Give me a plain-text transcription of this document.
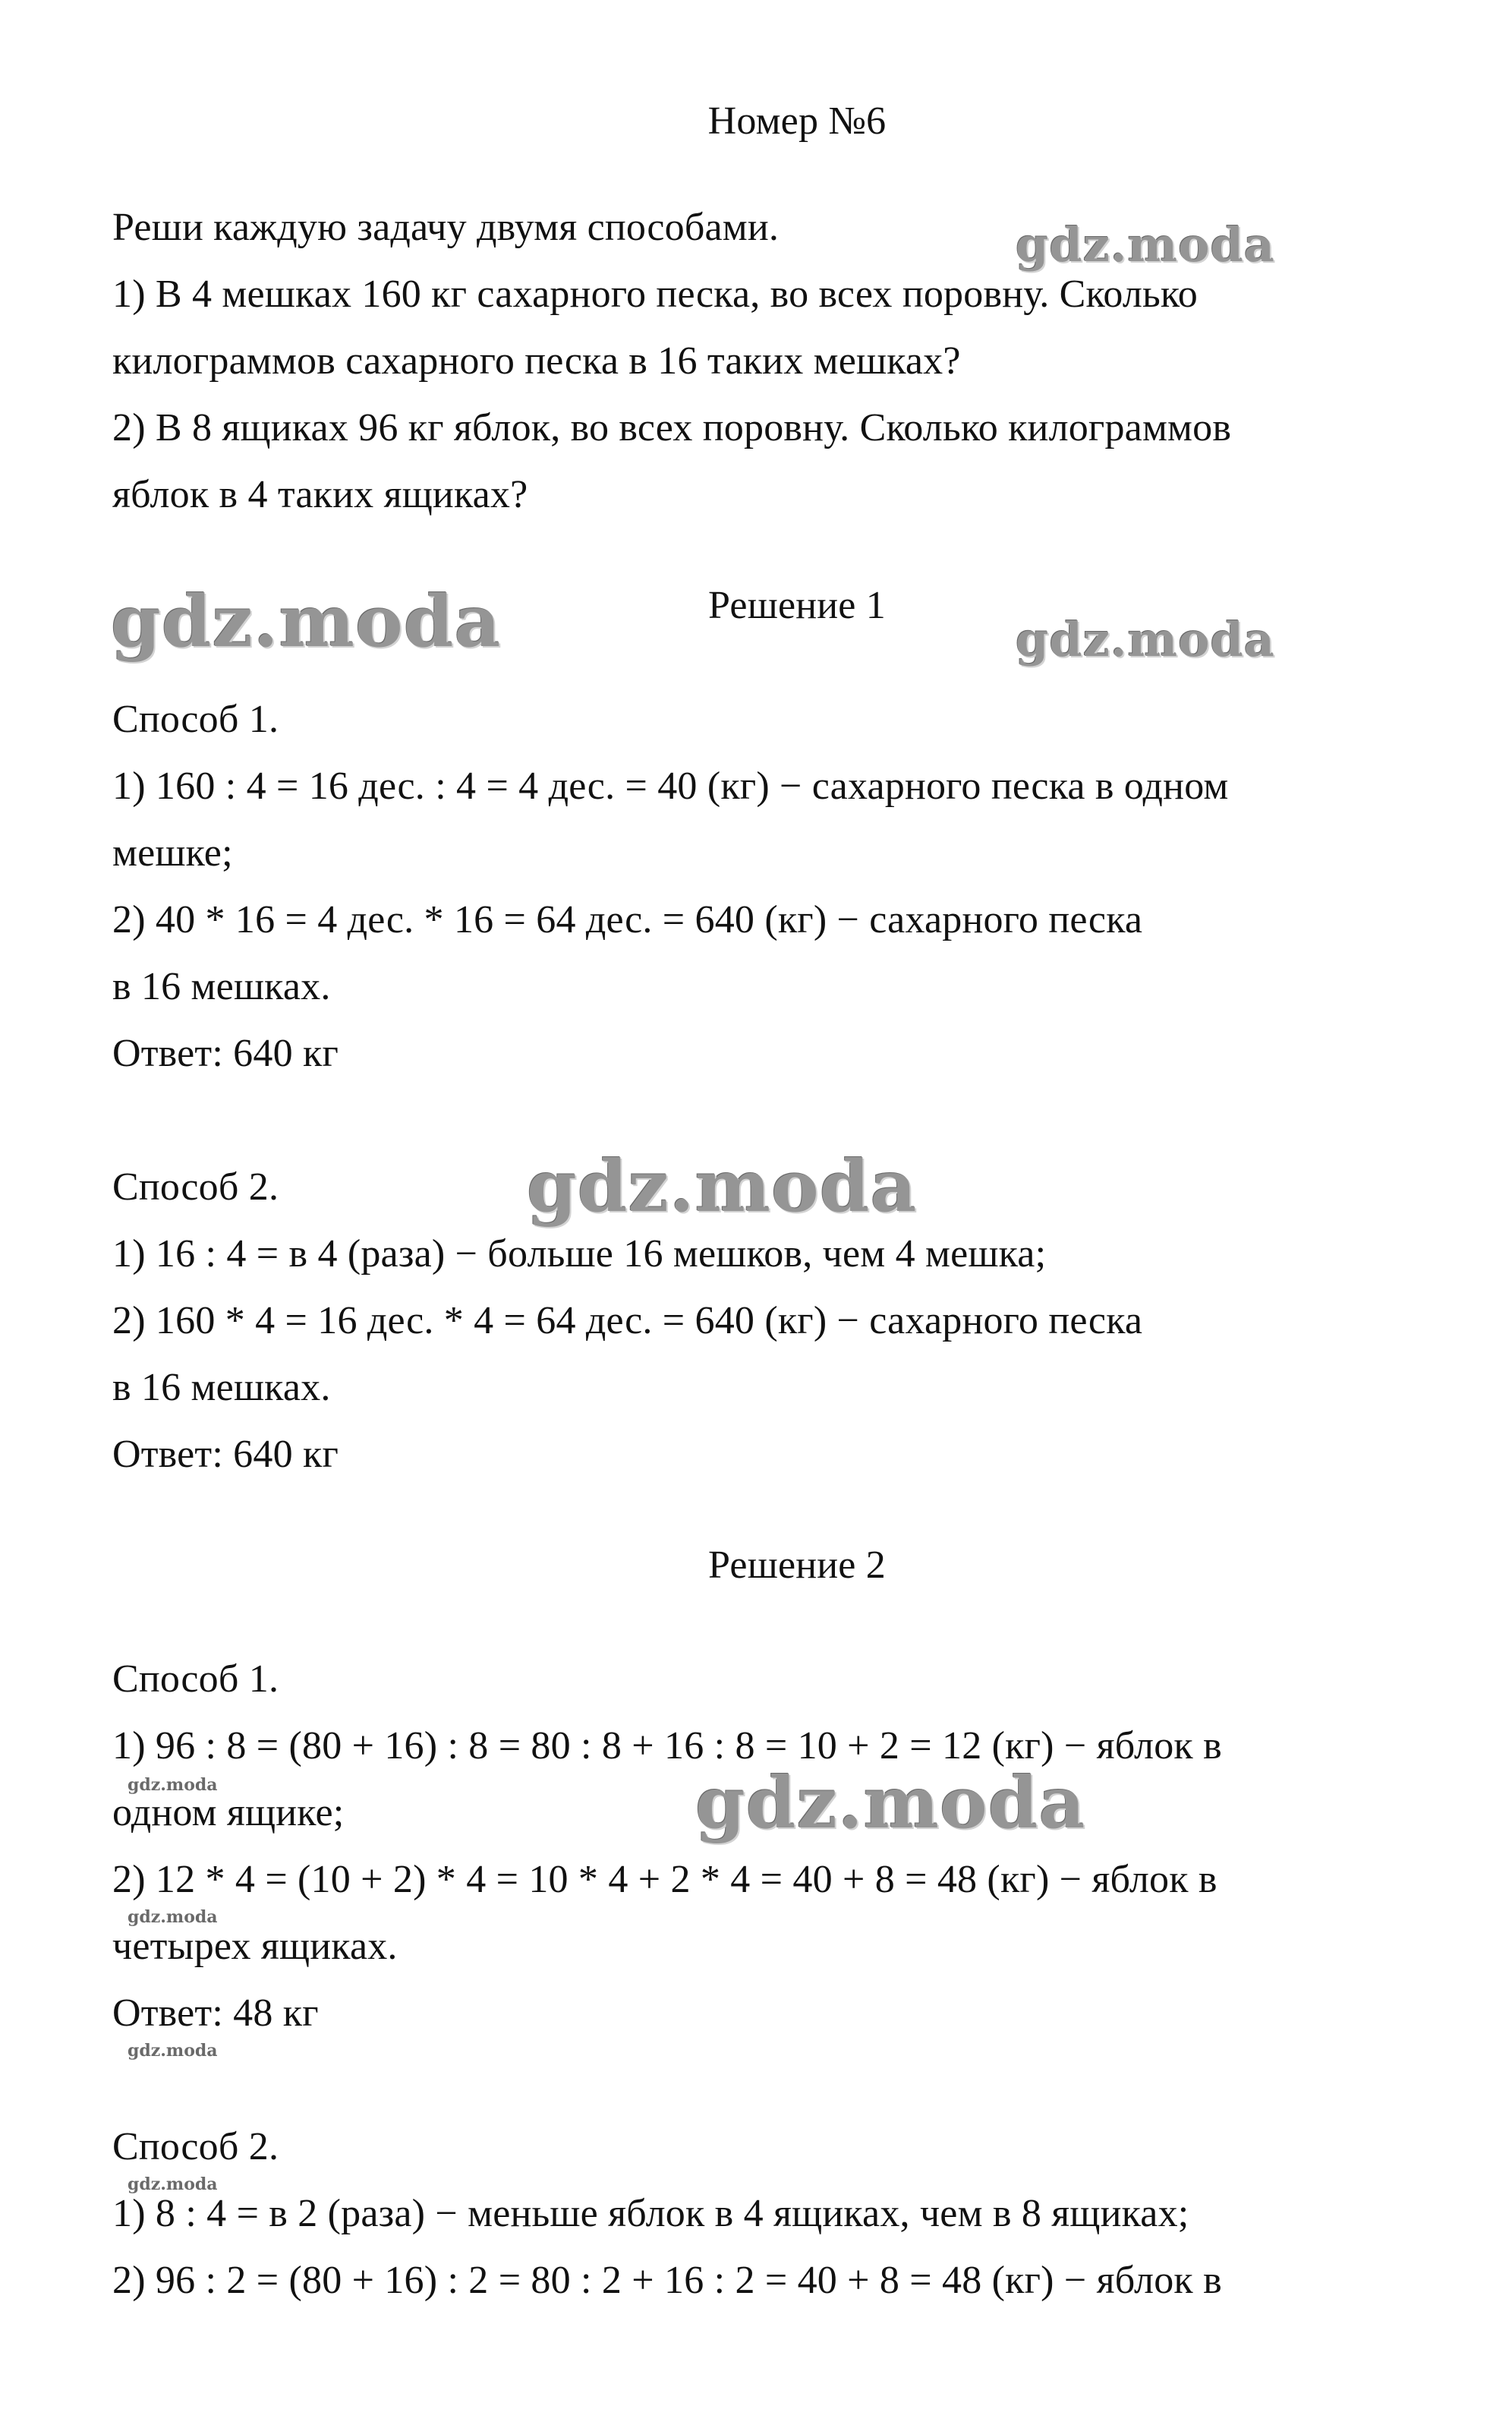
Номер №6
Реши каждую задачу двумя способами.
1) В 4 мешках 160 кг сахарного песка, во всех поровну. Сколько
килограммов сахарного песка в 16 таких мешках?
2) В 8 ящиках 96 кг яблок, во всех поровну. Сколько килограммов
яблок в 4 таких ящиках?
Решение 1
Способ 1.
1) 160 : 4 = 16 дес. : 4 = 4 дес. = 40 (кг) − сахарного песка в одном
мешке;
2) 40 * 16 = 4 дес. * 16 = 64 дес. = 640 (кг) − сахарного песка
в 16 мешках.
Ответ: 640 кг
Способ 2.
1) 16 : 4 = в 4 (раза) − больше 16 мешков, чем 4 мешка;
2) 160 * 4 = 16 дес. * 4 = 64 дес. = 640 (кг) − сахарного песка
в 16 мешках.
Ответ: 640 кг
Решение 2
Способ 1.
1) 96 : 8 = (80 + 16) : 8 = 80 : 8 + 16 : 8 = 10 + 2 = 12 (кг) − яблок в
одном ящике;
2) 12 * 4 = (10 + 2) * 4 = 10 * 4 + 2 * 4 = 40 + 8 = 48 (кг) − яблок в
четырех ящиках.
Ответ: 48 кг
Способ 2.
1) 8 : 4 = в 2 (раза) − меньше яблок в 4 ящиках, чем в 8 ящиках;
2) 96 : 2 = (80 + 16) : 2 = 80 : 2 + 16 : 2 = 40 + 8 = 48 (кг) − яблок в
gdz.moda
gdz.moda	gdz.moda
gdz.moda
gdz.moda
gdz.moda
gdz.moda
gdz.moda
gdz.moda
